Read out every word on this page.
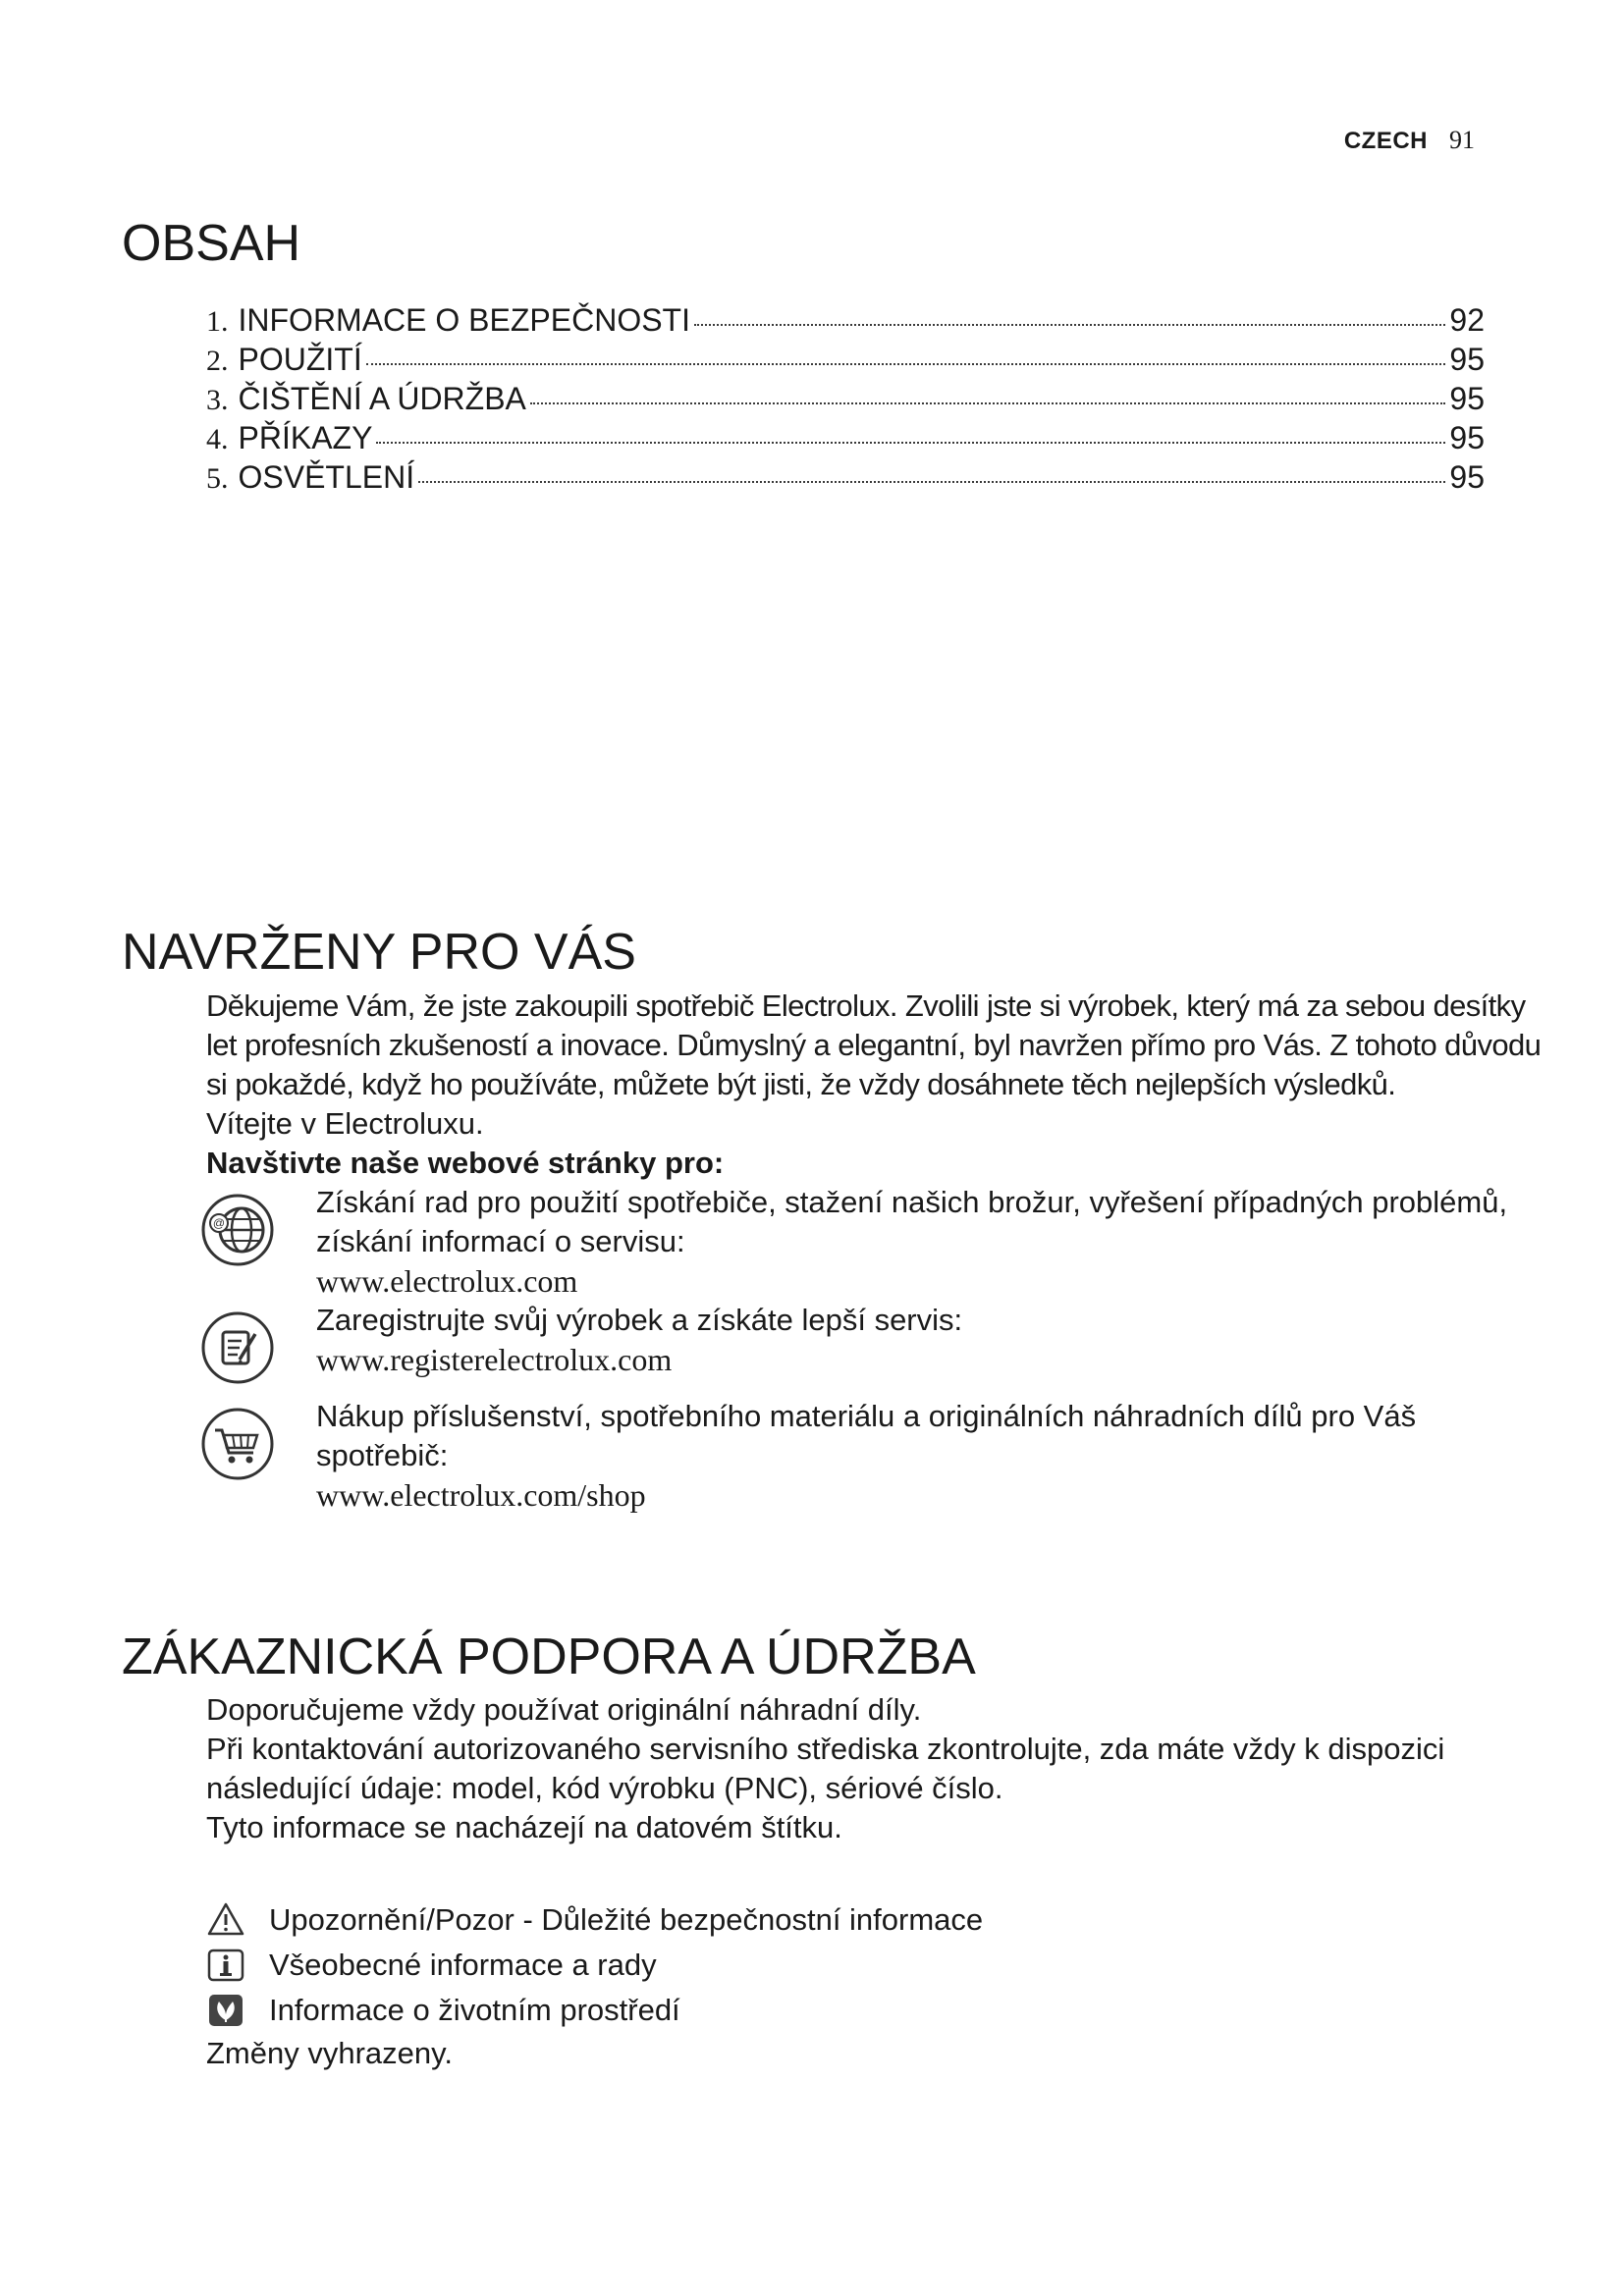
CZECH 91
OBSAH
1. INFORMACE O BEZPEČNOSTI	92
2. POUŽITÍ	95
3. ČIŠTĚNÍ A ÚDRŽBA	95
4. PŘÍKAZY	95
5. OSVĚTLENÍ	95
NAVRŽENY PRO VÁS

Děkujeme Vám, že jste zakoupili spotřebič Electrolux. Zvolili jste si výrobek, který má za sebou desítky let profesních zkušeností a inovace. Důmyslný a elegantní, byl navržen přímo pro Vás. Z tohoto důvodu si pokaždé, když ho používáte, můžete být jisti, že vždy dosáhnete těch nejlepších výsledků.

Vítejte v Electroluxu.

Navštivte naše webové stránky pro:

@

Získání rad pro použití spotřebiče, stažení našich brožur, vyřešení případných problémů, získání informací o servisu:

www.electrolux.com

Zaregistrujte svůj výrobek a získáte lepší servis:

www.registerelectrolux.com

Nákup příslušenství, spotřebního materiálu a originálních náhradních dílů pro Váš spotřebič:

www.electrolux.com/shop

ZÁKAZNICKÁ PODPORA A ÚDRŽBA

Doporučujeme vždy používat originální náhradní díly.

Při kontaktování autorizovaného servisního střediska zkontrolujte, zda máte vždy k dispozici následující údaje: model, kód výrobku (PNC), sériové číslo.

Tyto informace se nacházejí na datovém štítku.

Upozornění/Pozor - Důležité bezpečnostní informace
Všeobecné informace a rady
Informace o životním prostředí

Změny vyhrazeny.
